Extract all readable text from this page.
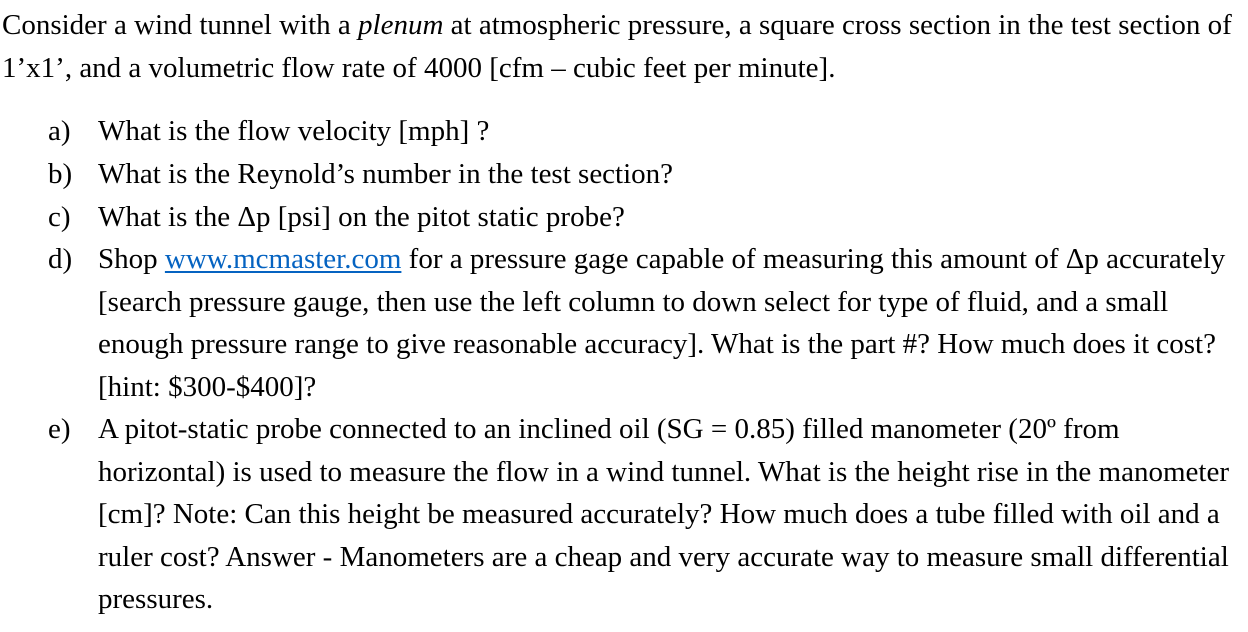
Consider a wind tunnel with a plenum at atmospheric pressure, a square cross section in the test section of 1’x1’, and a volumetric flow rate of 4000 [cfm – cubic feet per minute].

a) What is the flow velocity [mph] ?
b) What is the Reynold’s number in the test section?
c) What is the Δp [psi] on the pitot static probe?
d) Shop www.mcmaster.com for a pressure gage capable of measuring this amount of Δp accurately [search pressure gauge, then use the left column to down select for type of fluid, and a small enough pressure range to give reasonable accuracy]. What is the part #? How much does it cost? [hint: $300-$400]?
e) A pitot-static probe connected to an inclined oil (SG = 0.85) filled manometer (20º from horizontal) is used to measure the flow in a wind tunnel. What is the height rise in the manometer [cm]? Note: Can this height be measured accurately? How much does a tube filled with oil and a ruler cost? Answer - Manometers are a cheap and very accurate way to measure small differential pressures.
